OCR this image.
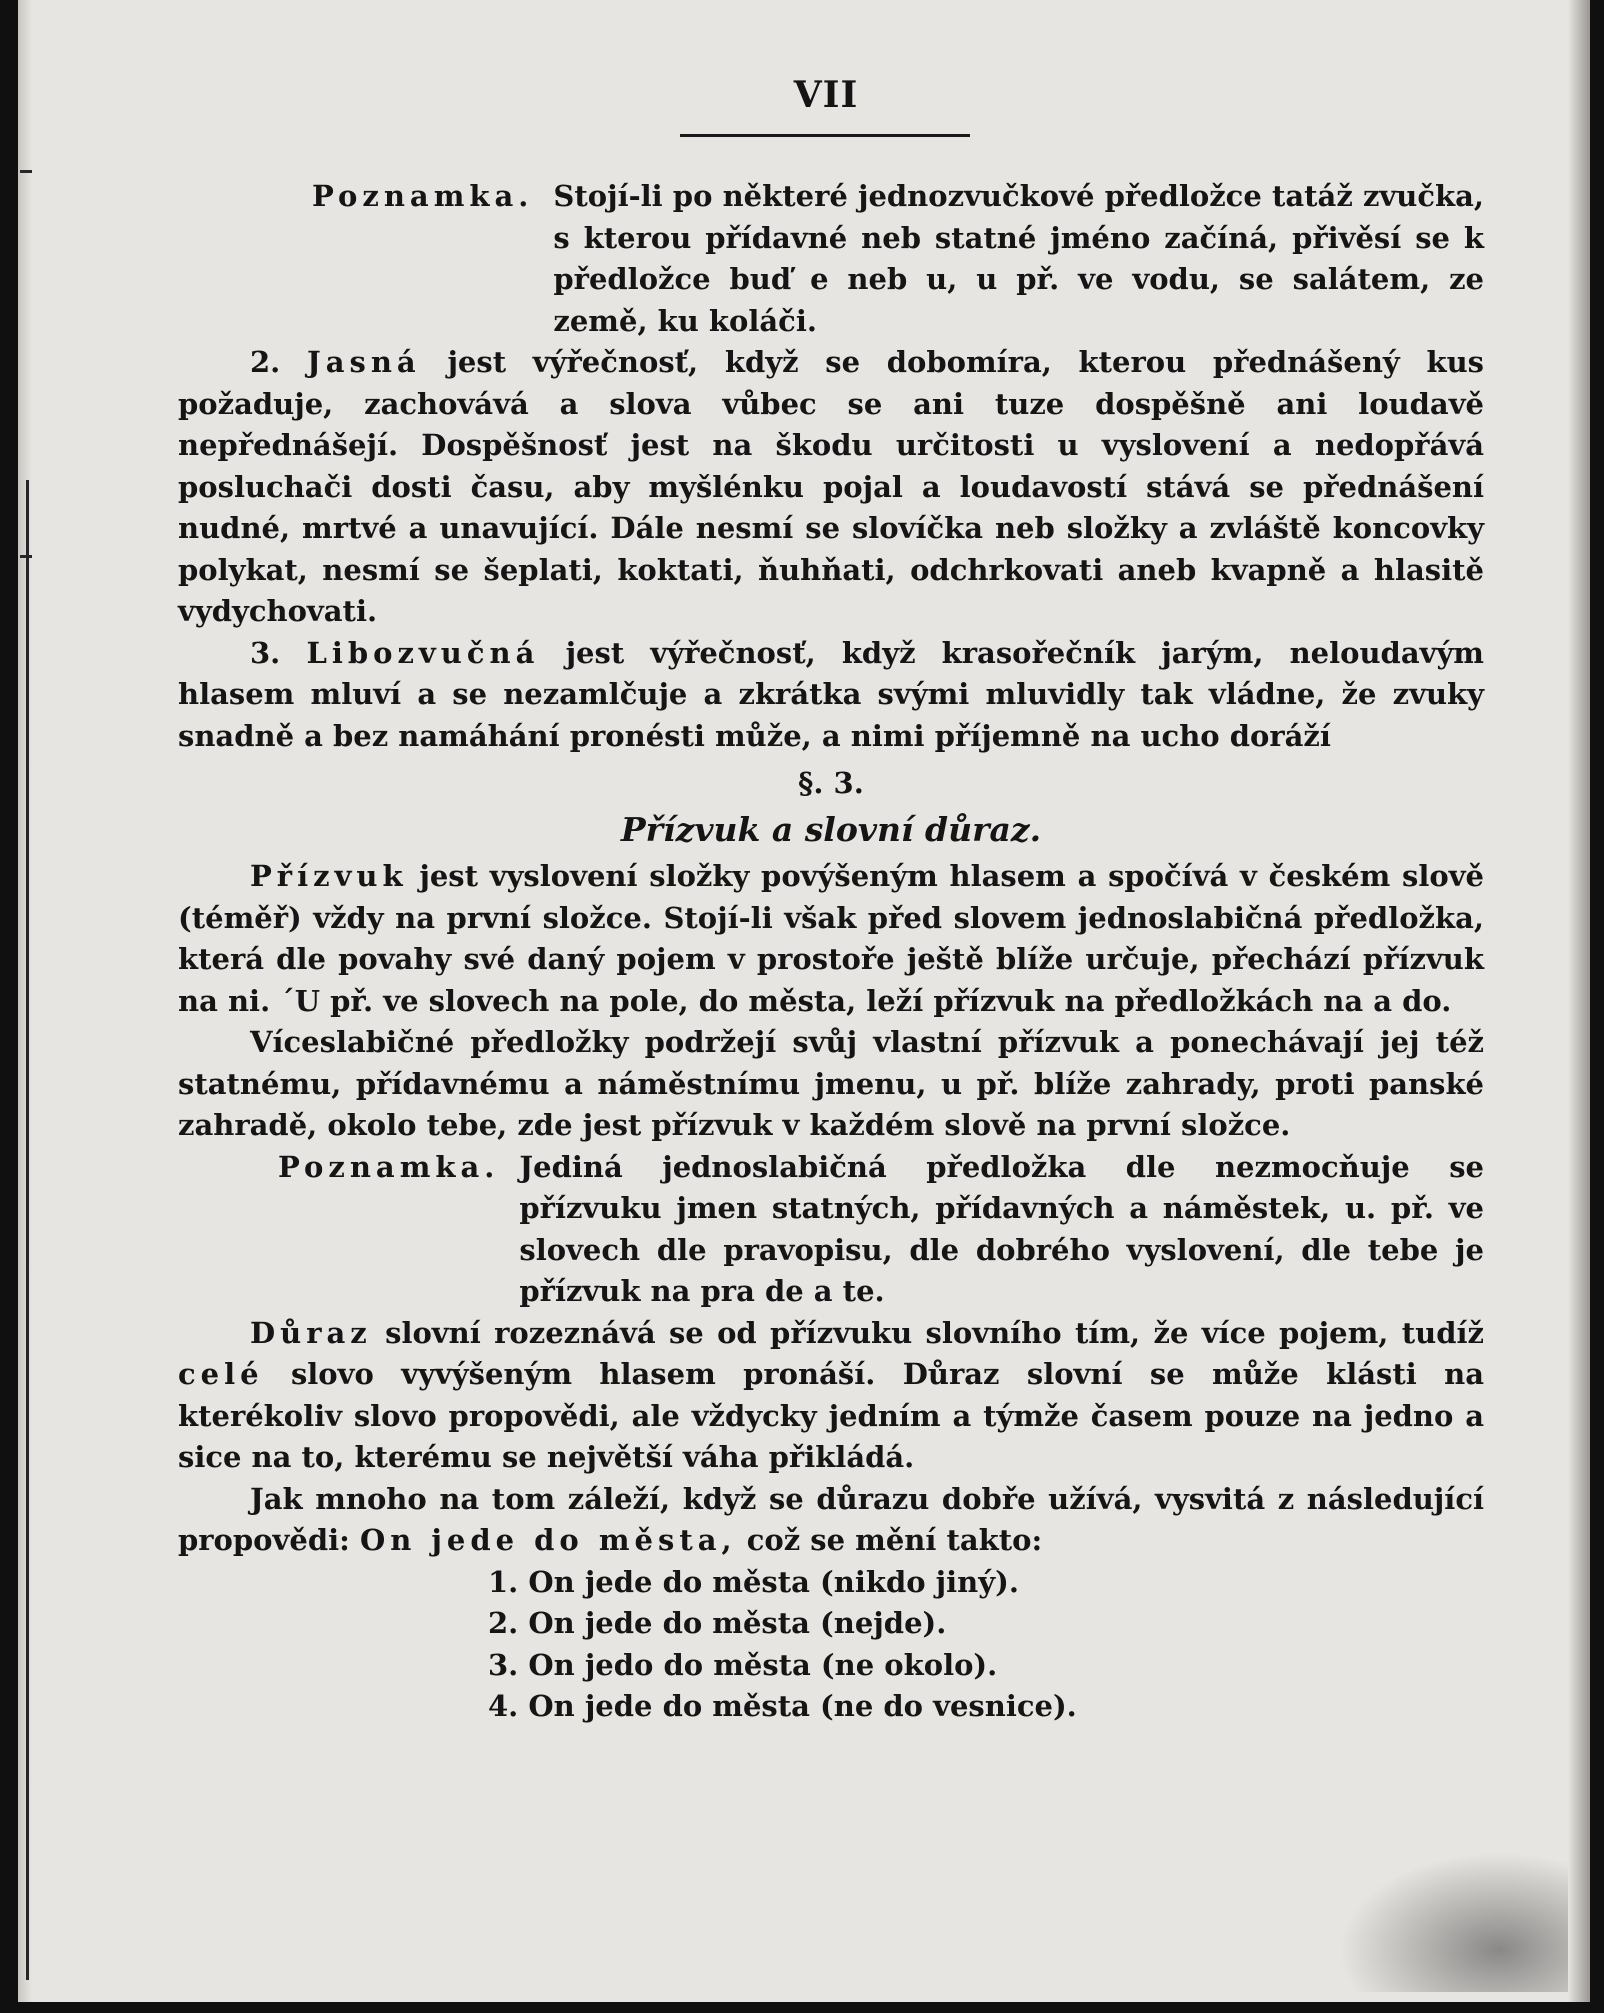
VII
Poznamka. Stojí-li po některé jednozvučkové předložce tatáž zvučka, s kterou přídavné neb statné jméno začíná, přivěsí se k předložce buď e neb u, u př. ve vodu, se salátem, ze země, ku koláči.

2. Jasná jest výřečnosť, když se dobomíra, kterou přednášený kus požaduje, zachovává a slova vůbec se ani tuze dospěšně ani loudavě nepřednášejí. Dospěšnosť jest na škodu určitosti u vyslovení a nedopřává posluchači dosti času, aby myšlénku pojal a loudavostí stává se přednášení nudné, mrtvé a unavující. Dále nesmí se slovíčka neb složky a zvláště koncovky polykat, nesmí se šeplati, koktati, ňuhňati, odchrkovati aneb kvapně a hlasitě vydychovati.

3. Libozvučná jest výřečnosť, když krasořečník jarým, neloudavým hlasem mluví a se nezamlčuje a zkrátka svými mluvidly tak vládne, že zvuky snadně a bez namáhání pronésti může, a nimi příjemně na ucho doráží

§. 3.
Přízvuk a slovní důraz.

Přízvuk jest vyslovení složky povýšeným hlasem a spočívá v českém slově (téměř) vždy na první složce. Stojí-li však před slovem jednoslabičná předložka, která dle povahy své daný pojem v prostoře ještě blíže určuje, přechází přízvuk na ni. ´U př. ve slovech na pole, do města, leží přízvuk na předložkách na a do.

Víceslabičné předložky podržejí svůj vlastní přízvuk a ponechávají jej též statnému, přídavnému a náměstnímu jmenu, u př. blíže zahrady, proti panské zahradě, okolo tebe, zde jest přízvuk v každém slově na první složce.

Poznamka. Jediná jednoslabičná předložka dle nezmocňuje se přízvuku jmen statných, přídavných a náměstek, u. př. ve slovech dle pravopisu, dle dobrého vyslovení, dle tebe je přízvuk na pra de a te.

Důraz slovní rozeznává se od přízvuku slovního tím, že více pojem, tudíž celé slovo vyvýšeným hlasem pronáší. Důraz slovní se může klásti na kterékoliv slovo propovědi, ale vždycky jedním a týmže časem pouze na jedno a sice na to, kterému se největší váha přikládá.

Jak mnoho na tom záleží, když se důrazu dobře užívá, vysvitá z následující propovědi: On jede do města, což se mění takto:

1. On jede do města (nikdo jiný).
2. On jede do města (nejde).
3. On jedo do města (ne okolo).
4. On jede do města (ne do vesnice).
